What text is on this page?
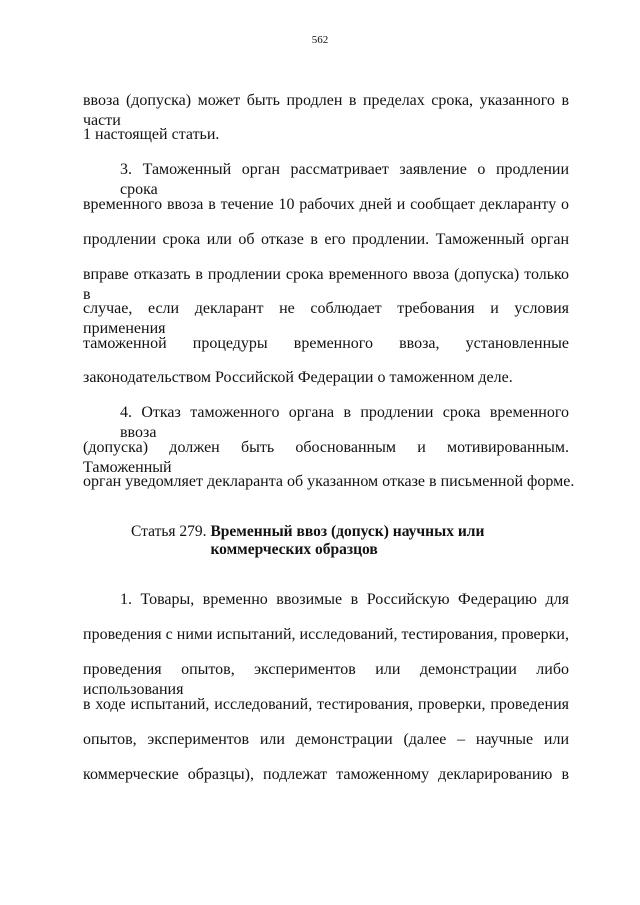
562
ввоза (допуска) может быть продлен в пределах срока, указанного в части
1 настоящей статьи.
3. Таможенный орган рассматривает заявление о продлении срока
временного ввоза в течение 10 рабочих дней и сообщает декларанту о
продлении срока или об отказе в его продлении. Таможенный орган
вправе отказать в продлении срока временного ввоза (допуска) только в
случае, если декларант не соблюдает требования и условия применения
таможенной процедуры временного ввоза, установленные
законодательством Российской Федерации о таможенном деле.
4. Отказ таможенного органа в продлении срока временного ввоза
(допуска) должен быть обоснованным и мотивированным. Таможенный
орган уведомляет декларанта об указанном отказе в письменной форме.
Статья 279. Временный ввоз (допуск) научных или коммерческих образцов
1. Товары, временно ввозимые в Российскую Федерацию для
проведения с ними испытаний, исследований, тестирования, проверки,
проведения опытов, экспериментов или демонстрации либо использования
в ходе испытаний, исследований, тестирования, проверки, проведения
опытов, экспериментов или демонстрации (далее – научные или
коммерческие образцы), подлежат таможенному декларированию в
